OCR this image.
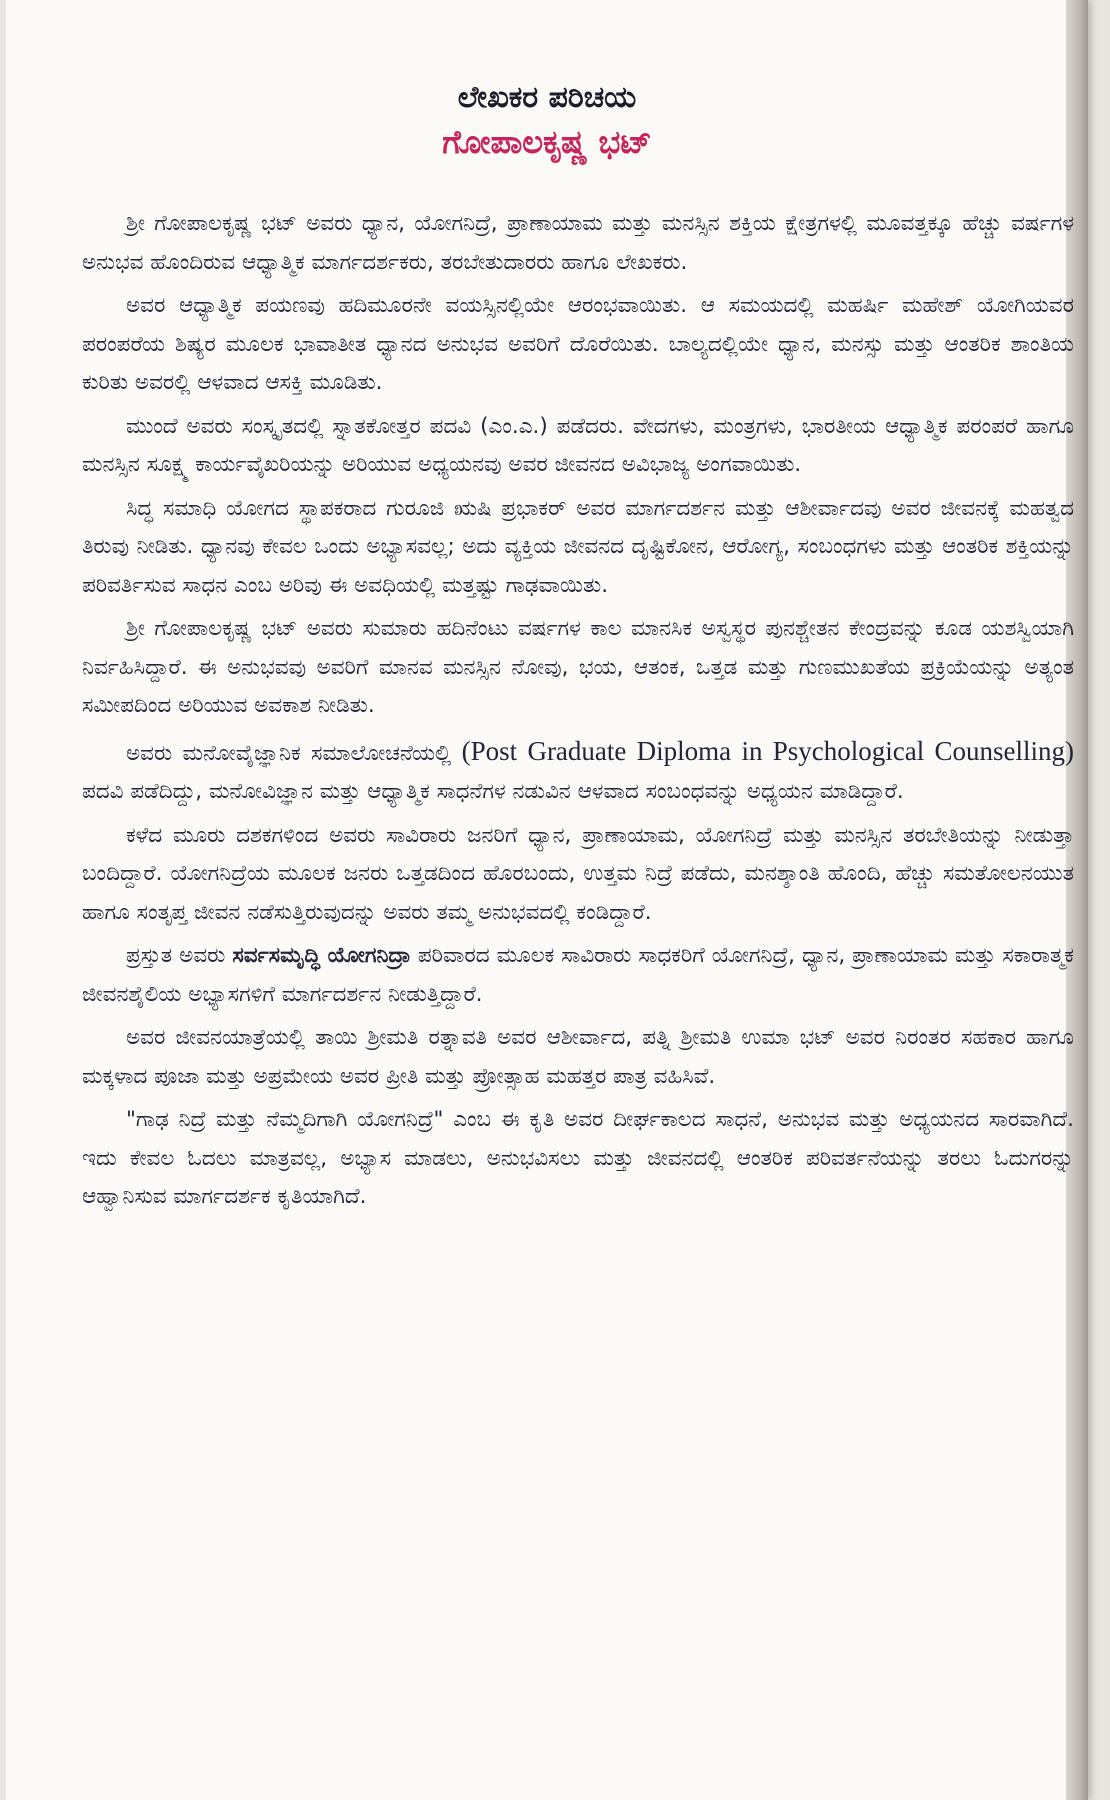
ಲೇಖಕರ ಪರಿಚಯ
ಗೋಪಾಲಕೃಷ್ಣ ಭಟ್

ಶ್ರೀ ಗೋಪಾಲಕೃಷ್ಣ ಭಟ್ ಅವರು ಧ್ಯಾನ, ಯೋಗನಿದ್ರೆ, ಪ್ರಾಣಾಯಾಮ ಮತ್ತು ಮನಸ್ಸಿನ ಶಕ್ತಿಯ ಕ್ಷೇತ್ರಗಳಲ್ಲಿ ಮೂವತ್ತಕ್ಕೂ ಹೆಚ್ಚು ವರ್ಷಗಳ ಅನುಭವ ಹೊಂದಿರುವ ಆಧ್ಯಾತ್ಮಿಕ ಮಾರ್ಗದರ್ಶಕರು, ತರಬೇತುದಾರರು ಹಾಗೂ ಲೇಖಕರು.

ಅವರ ಆಧ್ಯಾತ್ಮಿಕ ಪಯಣವು ಹದಿಮೂರನೇ ವಯಸ್ಸಿನಲ್ಲಿಯೇ ಆರಂಭವಾಯಿತು. ಆ ಸಮಯದಲ್ಲಿ ಮಹರ್ಷಿ ಮಹೇಶ್ ಯೋಗಿಯವರ ಪರಂಪರೆಯ ಶಿಷ್ಯರ ಮೂಲಕ ಭಾವಾತೀತ ಧ್ಯಾನದ ಅನುಭವ ಅವರಿಗೆ ದೊರೆಯಿತು. ಬಾಲ್ಯದಲ್ಲಿಯೇ ಧ್ಯಾನ, ಮನಸ್ಸು ಮತ್ತು ಆಂತರಿಕ ಶಾಂತಿಯ ಕುರಿತು ಅವರಲ್ಲಿ ಆಳವಾದ ಆಸಕ್ತಿ ಮೂಡಿತು.

ಮುಂದೆ ಅವರು ಸಂಸ್ಕೃತದಲ್ಲಿ ಸ್ನಾತಕೋತ್ತರ ಪದವಿ (ಎಂ.ಎ.) ಪಡೆದರು. ವೇದಗಳು, ಮಂತ್ರಗಳು, ಭಾರತೀಯ ಆಧ್ಯಾತ್ಮಿಕ ಪರಂಪರೆ ಹಾಗೂ ಮನಸ್ಸಿನ ಸೂಕ್ಷ್ಮ ಕಾರ್ಯವೈಖರಿಯನ್ನು ಅರಿಯುವ ಅಧ್ಯಯನವು ಅವರ ಜೀವನದ ಅವಿಭಾಜ್ಯ ಅಂಗವಾಯಿತು.

ಸಿದ್ಧ ಸಮಾಧಿ ಯೋಗದ ಸ್ಥಾಪಕರಾದ ಗುರೂಜಿ ಋಷಿ ಪ್ರಭಾಕರ್ ಅವರ ಮಾರ್ಗದರ್ಶನ ಮತ್ತು ಆಶೀರ್ವಾದವು ಅವರ ಜೀವನಕ್ಕೆ ಮಹತ್ವದ ತಿರುವು ನೀಡಿತು. ಧ್ಯಾನವು ಕೇವಲ ಒಂದು ಅಭ್ಯಾಸವಲ್ಲ; ಅದು ವ್ಯಕ್ತಿಯ ಜೀವನದ ದೃಷ್ಟಿಕೋನ, ಆರೋಗ್ಯ, ಸಂಬಂಧಗಳು ಮತ್ತು ಆಂತರಿಕ ಶಕ್ತಿಯನ್ನು ಪರಿವರ್ತಿಸುವ ಸಾಧನ ಎಂಬ ಅರಿವು ಈ ಅವಧಿಯಲ್ಲಿ ಮತ್ತಷ್ಟು ಗಾಢವಾಯಿತು.

ಶ್ರೀ ಗೋಪಾಲಕೃಷ್ಣ ಭಟ್ ಅವರು ಸುಮಾರು ಹದಿನೆಂಟು ವರ್ಷಗಳ ಕಾಲ ಮಾನಸಿಕ ಅಸ್ವಸ್ಥರ ಪುನಶ್ಚೇತನ ಕೇಂದ್ರವನ್ನು ಕೂಡ ಯಶಸ್ವಿಯಾಗಿ ನಿರ್ವಹಿಸಿದ್ದಾರೆ. ಈ ಅನುಭವವು ಅವರಿಗೆ ಮಾನವ ಮನಸ್ಸಿನ ನೋವು, ಭಯ, ಆತಂಕ, ಒತ್ತಡ ಮತ್ತು ಗುಣಮುಖತೆಯ ಪ್ರಕ್ರಿಯೆಯನ್ನು ಅತ್ಯಂತ ಸಮೀಪದಿಂದ ಅರಿಯುವ ಅವಕಾಶ ನೀಡಿತು.

ಅವರು ಮನೋವೈಜ್ಞಾನಿಕ ಸಮಾಲೋಚನೆಯಲ್ಲಿ (Post Graduate Diploma in Psychological Counselling) ಪದವಿ ಪಡೆದಿದ್ದು, ಮನೋವಿಜ್ಞಾನ ಮತ್ತು ಆಧ್ಯಾತ್ಮಿಕ ಸಾಧನೆಗಳ ನಡುವಿನ ಆಳವಾದ ಸಂಬಂಧವನ್ನು ಅಧ್ಯಯನ ಮಾಡಿದ್ದಾರೆ.

ಕಳೆದ ಮೂರು ದಶಕಗಳಿಂದ ಅವರು ಸಾವಿರಾರು ಜನರಿಗೆ ಧ್ಯಾನ, ಪ್ರಾಣಾಯಾಮ, ಯೋಗನಿದ್ರೆ ಮತ್ತು ಮನಸ್ಸಿನ ತರಬೇತಿಯನ್ನು ನೀಡುತ್ತಾ ಬಂದಿದ್ದಾರೆ. ಯೋಗನಿದ್ರೆಯ ಮೂಲಕ ಜನರು ಒತ್ತಡದಿಂದ ಹೊರಬಂದು, ಉತ್ತಮ ನಿದ್ರೆ ಪಡೆದು, ಮನಶ್ಶಾಂತಿ ಹೊಂದಿ, ಹೆಚ್ಚು ಸಮತೋಲನಯುತ ಹಾಗೂ ಸಂತೃಪ್ತ ಜೀವನ ನಡೆಸುತ್ತಿರುವುದನ್ನು ಅವರು ತಮ್ಮ ಅನುಭವದಲ್ಲಿ ಕಂಡಿದ್ದಾರೆ.

ಪ್ರಸ್ತುತ ಅವರು ಸರ್ವಸಮೃದ್ಧಿ ಯೋಗನಿದ್ರಾ ಪರಿವಾರದ ಮೂಲಕ ಸಾವಿರಾರು ಸಾಧಕರಿಗೆ ಯೋಗನಿದ್ರೆ, ಧ್ಯಾನ, ಪ್ರಾಣಾಯಾಮ ಮತ್ತು ಸಕಾರಾತ್ಮಕ ಜೀವನಶೈಲಿಯ ಅಭ್ಯಾಸಗಳಿಗೆ ಮಾರ್ಗದರ್ಶನ ನೀಡುತ್ತಿದ್ದಾರೆ.

ಅವರ ಜೀವನಯಾತ್ರೆಯಲ್ಲಿ ತಾಯಿ ಶ್ರೀಮತಿ ರತ್ನಾವತಿ ಅವರ ಆಶೀರ್ವಾದ, ಪತ್ನಿ ಶ್ರೀಮತಿ ಉಮಾ ಭಟ್ ಅವರ ನಿರಂತರ ಸಹಕಾರ ಹಾಗೂ ಮಕ್ಕಳಾದ ಪೂಜಾ ಮತ್ತು ಅಪ್ರಮೇಯ ಅವರ ಪ್ರೀತಿ ಮತ್ತು ಪ್ರೋತ್ಸಾಹ ಮಹತ್ತರ ಪಾತ್ರ ವಹಿಸಿವೆ.

"ಗಾಢ ನಿದ್ರೆ ಮತ್ತು ನೆಮ್ಮದಿಗಾಗಿ ಯೋಗನಿದ್ರೆ" ಎಂಬ ಈ ಕೃತಿ ಅವರ ದೀರ್ಘಕಾಲದ ಸಾಧನೆ, ಅನುಭವ ಮತ್ತು ಅಧ್ಯಯನದ ಸಾರವಾಗಿದೆ. ಇದು ಕೇವಲ ಓದಲು ಮಾತ್ರವಲ್ಲ, ಅಭ್ಯಾಸ ಮಾಡಲು, ಅನುಭವಿಸಲು ಮತ್ತು ಜೀವನದಲ್ಲಿ ಆಂತರಿಕ ಪರಿವರ್ತನೆಯನ್ನು ತರಲು ಓದುಗರನ್ನು ಆಹ್ವಾನಿಸುವ ಮಾರ್ಗದರ್ಶಕ ಕೃತಿಯಾಗಿದೆ.
